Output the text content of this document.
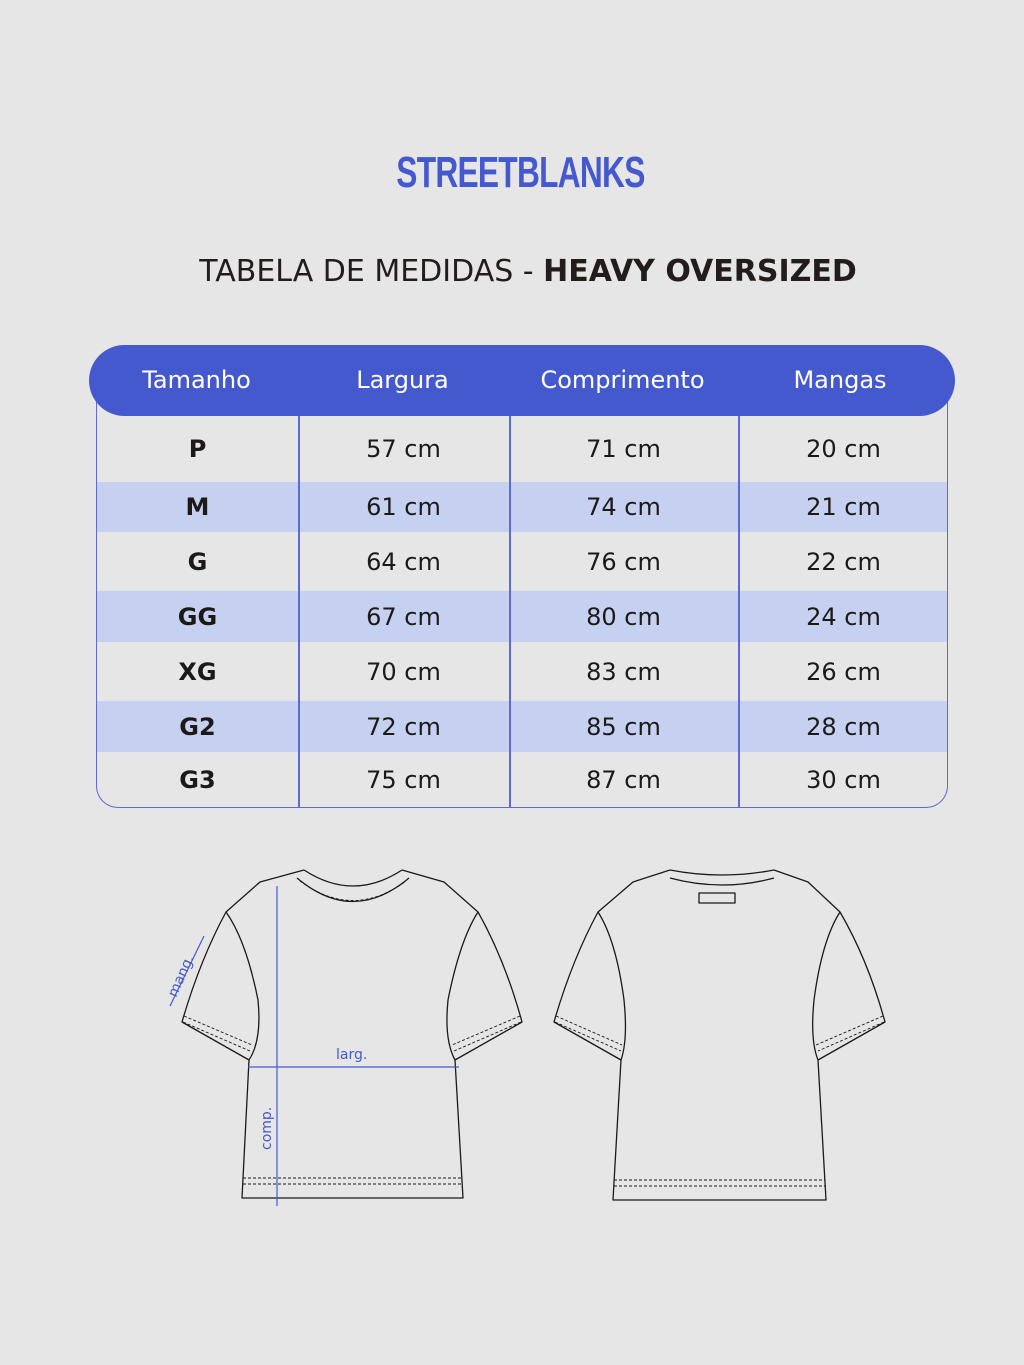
STREETBLANKS
TABELA DE MEDIDAS - HEAVY OVERSIZED
Tamanho	Largura	Comprimento	Mangas
P	57 cm	71 cm	20 cm
M	61 cm	74 cm	21 cm
G	64 cm	76 cm	22 cm
GG	67 cm	80 cm	24 cm
XG	70 cm	83 cm	26 cm
G2	72 cm	85 cm	28 cm
G3	75 cm	87 cm	30 cm
larg.
comp.
mang.
